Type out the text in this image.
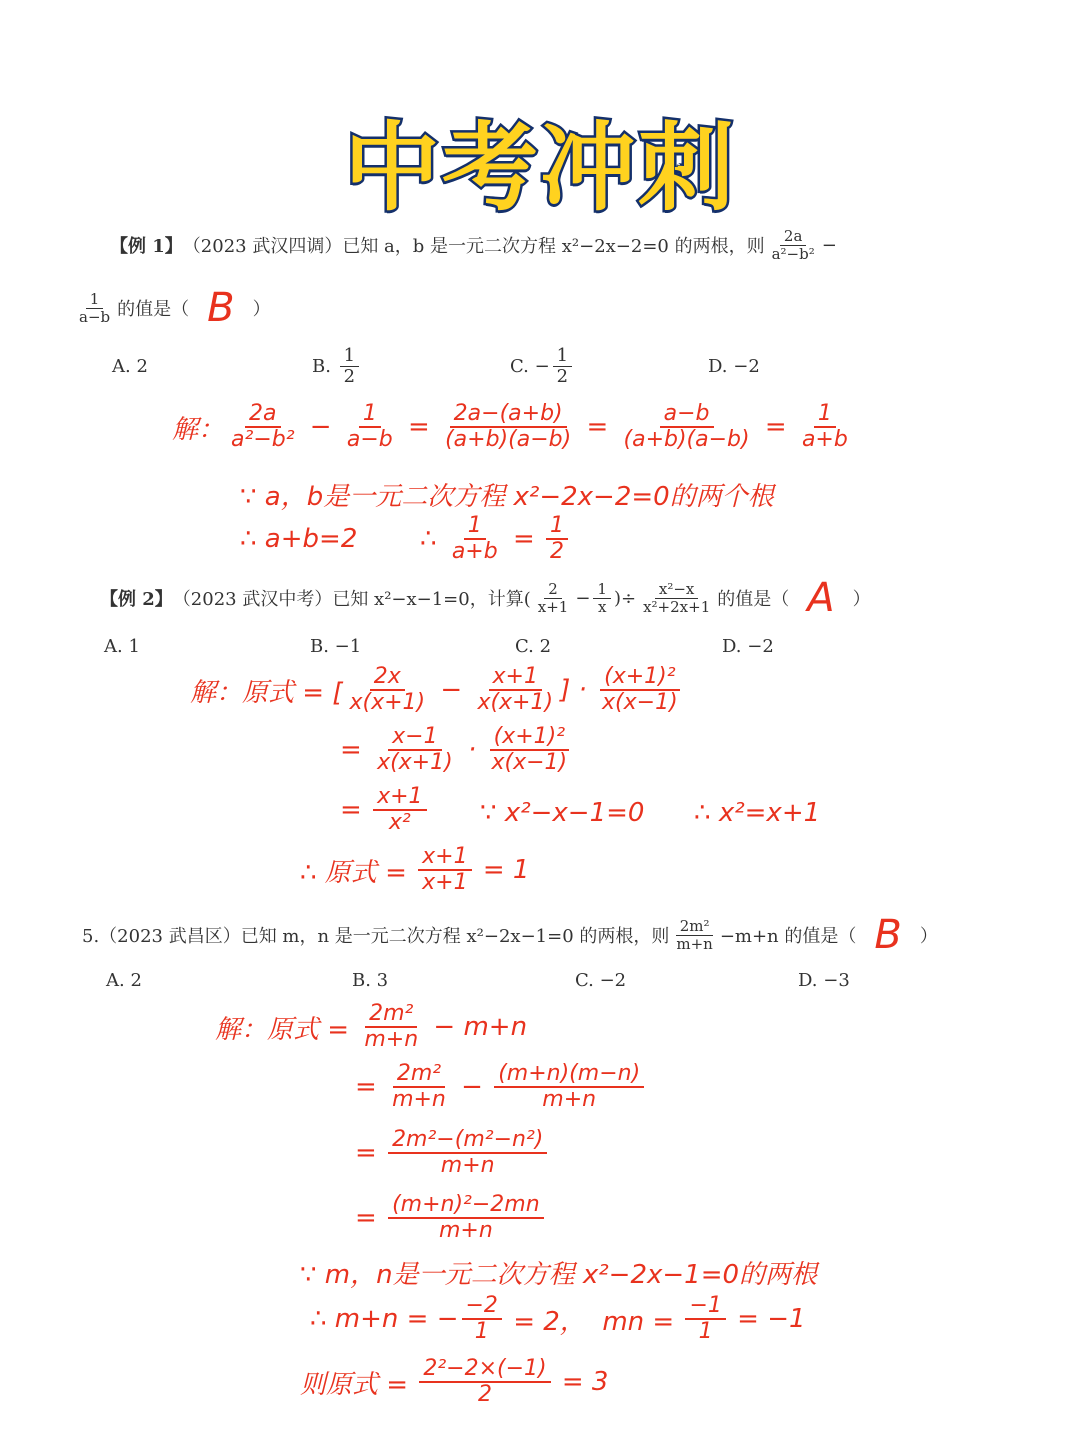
中考冲刺
【例 1】 （2023 武汉四调）已知 a，b 是一元二次方程 x²−2x−2=0 的两根，则 $\frac{2a}{\text{a²−b²}}$ −
$\frac{1}{a-b}$ 的值是（ B ）
A. 2	B. $\frac{1}{2}$	C. − $\frac{1}{2}$	D. −2
解： $\frac{2a}{\text{a²−b²}} - \frac{1}{a-b} = \frac{2a-(a+b)}{(a+b)(a-b)} = \frac{a-b}{(a+b)(a-b)} = \frac{1}{a+b}$
∵ a，b是一元二次方程 x²−2x−2=0的两个根
∴ a+b=2 ∴ $\frac{1}{a+b} = \frac{1}{2}$
【例 2】 （2023 武汉中考）已知 x²−x−1=0，计算( $\frac{2}{x+1} - \frac{1}{x}$ )÷ $\frac{\text{x²−x}}{\text{x²+2x+1}}$ 的值是（ A ）
A. 1	B. −1	C. 2	D. −2
解：原式 = [ $\frac{2x}{x(x+1)} - \frac{x+1}{x(x+1)}$ ] · $\frac{\text{(x+1)²}}{x(x-1)}$
= $\frac{x-1}{x(x+1)} \cdot \frac{\text{(x+1)²}}{x(x-1)}$
= $\frac{x+1}{\text{x²}}$ ∵ x²−x−1=0      ∴ x²=x+1
∴ 原式 = $\frac{x+1}{x+1} = 1$
5.（2023 武昌区）已知 m，n 是一元二次方程 x²−2x−1=0 的两根，则 $\frac{\text{2m²}}{m+n} -m+n$ 的值是（ B ）
A. 2	B. 3	C. −2	D. −3
解：原式 = $\frac{\text{2m²}}{m+n} - m+n$
= $\frac{\text{2m²}}{m+n} - \frac{(m+n)(m-n)}{m+n}$
= $\frac{\text{2m²−(m²−n²)}}{m+n}$
= $\frac{\text{(m+n)²−2mn}}{m+n}$
∵ m，n是一元二次方程 x²−2x−1=0的两根
∴ m+n = − $\frac{-2}{1} = 2$，  mn = $\frac{-1}{1} = -1$
则原式 = $\frac{\text{2²−2×(−1)}}{2} = 3$
